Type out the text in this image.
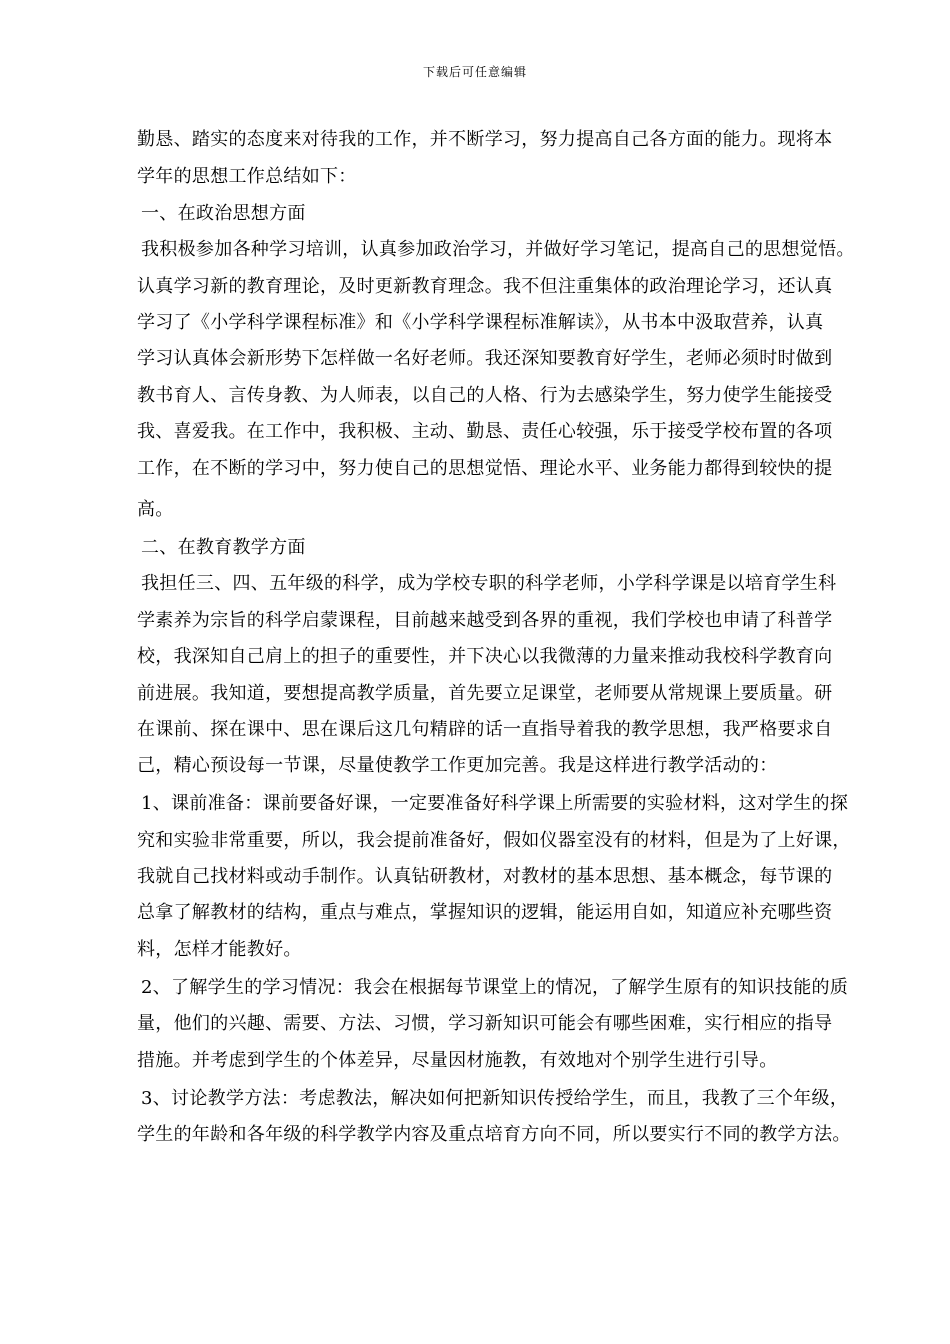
下载后可任意编辑
勤恳、踏实的态度来对待我的工作，并不断学习，努力提高自己各方面的能力。现将本
学年的思想工作总结如下：
一、在政治思想方面
我积极参加各种学习培训，认真参加政治学习，并做好学习笔记，提高自己的思想觉悟。
认真学习新的教育理论，及时更新教育理念。我不但注重集体的政治理论学习，还认真
学习了《小学科学课程标准》和《小学科学课程标准解读》，从书本中汲取营养，认真
学习认真体会新形势下怎样做一名好老师。我还深知要教育好学生，老师必须时时做到
教书育人、言传身教、为人师表，以自己的人格、行为去感染学生，努力使学生能接受
我、喜爱我。在工作中，我积极、主动、勤恳、责任心较强，乐于接受学校布置的各项
工作，在不断的学习中，努力使自己的思想觉悟、理论水平、业务能力都得到较快的提
高。
二、在教育教学方面
我担任三、四、五年级的科学，成为学校专职的科学老师，小学科学课是以培育学生科
学素养为宗旨的科学启蒙课程，目前越来越受到各界的重视，我们学校也申请了科普学
校，我深知自己肩上的担子的重要性，并下决心以我微薄的力量来推动我校科学教育向
前进展。我知道，要想提高教学质量，首先要立足课堂，老师要从常规课上要质量。研
在课前、探在课中、思在课后这几句精辟的话一直指导着我的教学思想，我严格要求自
己，精心预设每一节课，尽量使教学工作更加完善。我是这样进行教学活动的：
1、课前准备：课前要备好课，一定要准备好科学课上所需要的实验材料，这对学生的探
究和实验非常重要，所以，我会提前准备好，假如仪器室没有的材料，但是为了上好课，
我就自己找材料或动手制作。认真钻研教材，对教材的基本思想、基本概念，每节课的
总拿了解教材的结构，重点与难点，掌握知识的逻辑，能运用自如，知道应补充哪些资
料，怎样才能教好。
2、了解学生的学习情况：我会在根据每节课堂上的情况，了解学生原有的知识技能的质
量，他们的兴趣、需要、方法、习惯，学习新知识可能会有哪些困难，实行相应的指导
措施。并考虑到学生的个体差异，尽量因材施教，有效地对个别学生进行引导。
3、讨论教学方法：考虑教法，解决如何把新知识传授给学生，而且，我教了三个年级，
学生的年龄和各年级的科学教学内容及重点培育方向不同，所以要实行不同的教学方法。
